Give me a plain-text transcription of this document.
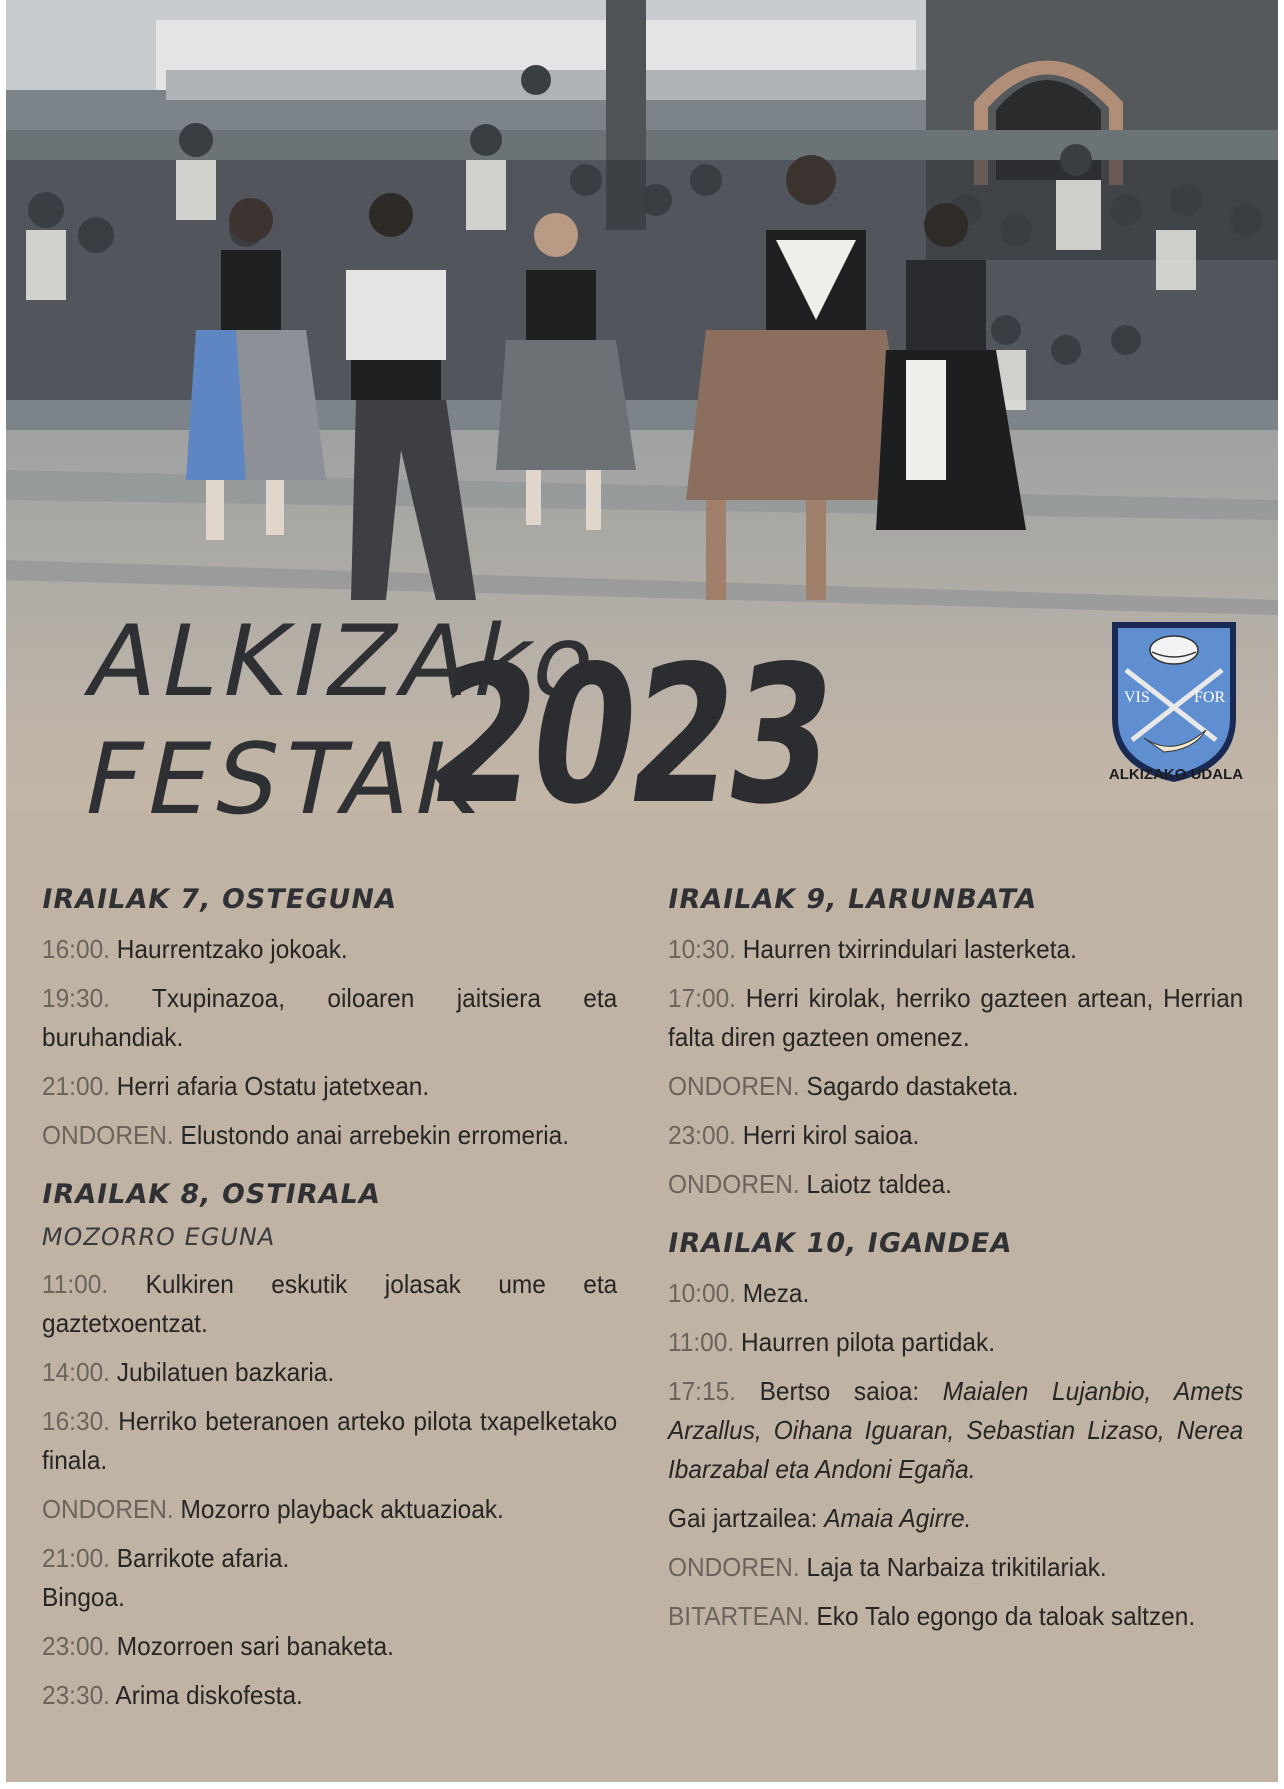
ALKIZAko
FESTAK
2023	VIS	FOR
ALKIZAKO UDALA
IRAILAK 7, OSTEGUNA
16:00. Haurrentzako jokoak.
19:30. Txupinazoa, oiloaren jaitsiera eta buruhandiak.
21:00. Herri afaria Ostatu jatetxean.
ONDOREN. Elustondo anai arrebekin erromeria.
IRAILAK 8, OSTIRALA
MOZORRO EGUNA
11:00. Kulkiren eskutik jolasak ume eta gaztetxoentzat.
14:00. Jubilatuen bazkaria.
16:30. Herriko beteranoen arteko pilota txapelketako finala.
ONDOREN. Mozorro playback aktuazioak.
21:00. Barrikote afaria.
Bingoa.
23:00. Mozorroen sari banaketa.
23:30. Arima diskofesta.
IRAILAK 9, LARUNBATA
10:30. Haurren txirrindulari lasterketa.
17:00. Herri kirolak, herriko gazteen artean, Herrian falta diren gazteen omenez.
ONDOREN. Sagardo dastaketa.
23:00. Herri kirol saioa.
ONDOREN. Laiotz taldea.
IRAILAK 10, IGANDEA
10:00. Meza.
11:00. Haurren pilota partidak.
17:15. Bertso saioa: Maialen Lujanbio, Amets Arzallus, Oihana Iguaran, Sebastian Lizaso, Nerea Ibarzabal eta Andoni Egaña.
Gai jartzailea: Amaia Agirre.
ONDOREN. Laja ta Narbaiza trikitilariak.
BITARTEAN. Eko Talo egongo da taloak saltzen.
